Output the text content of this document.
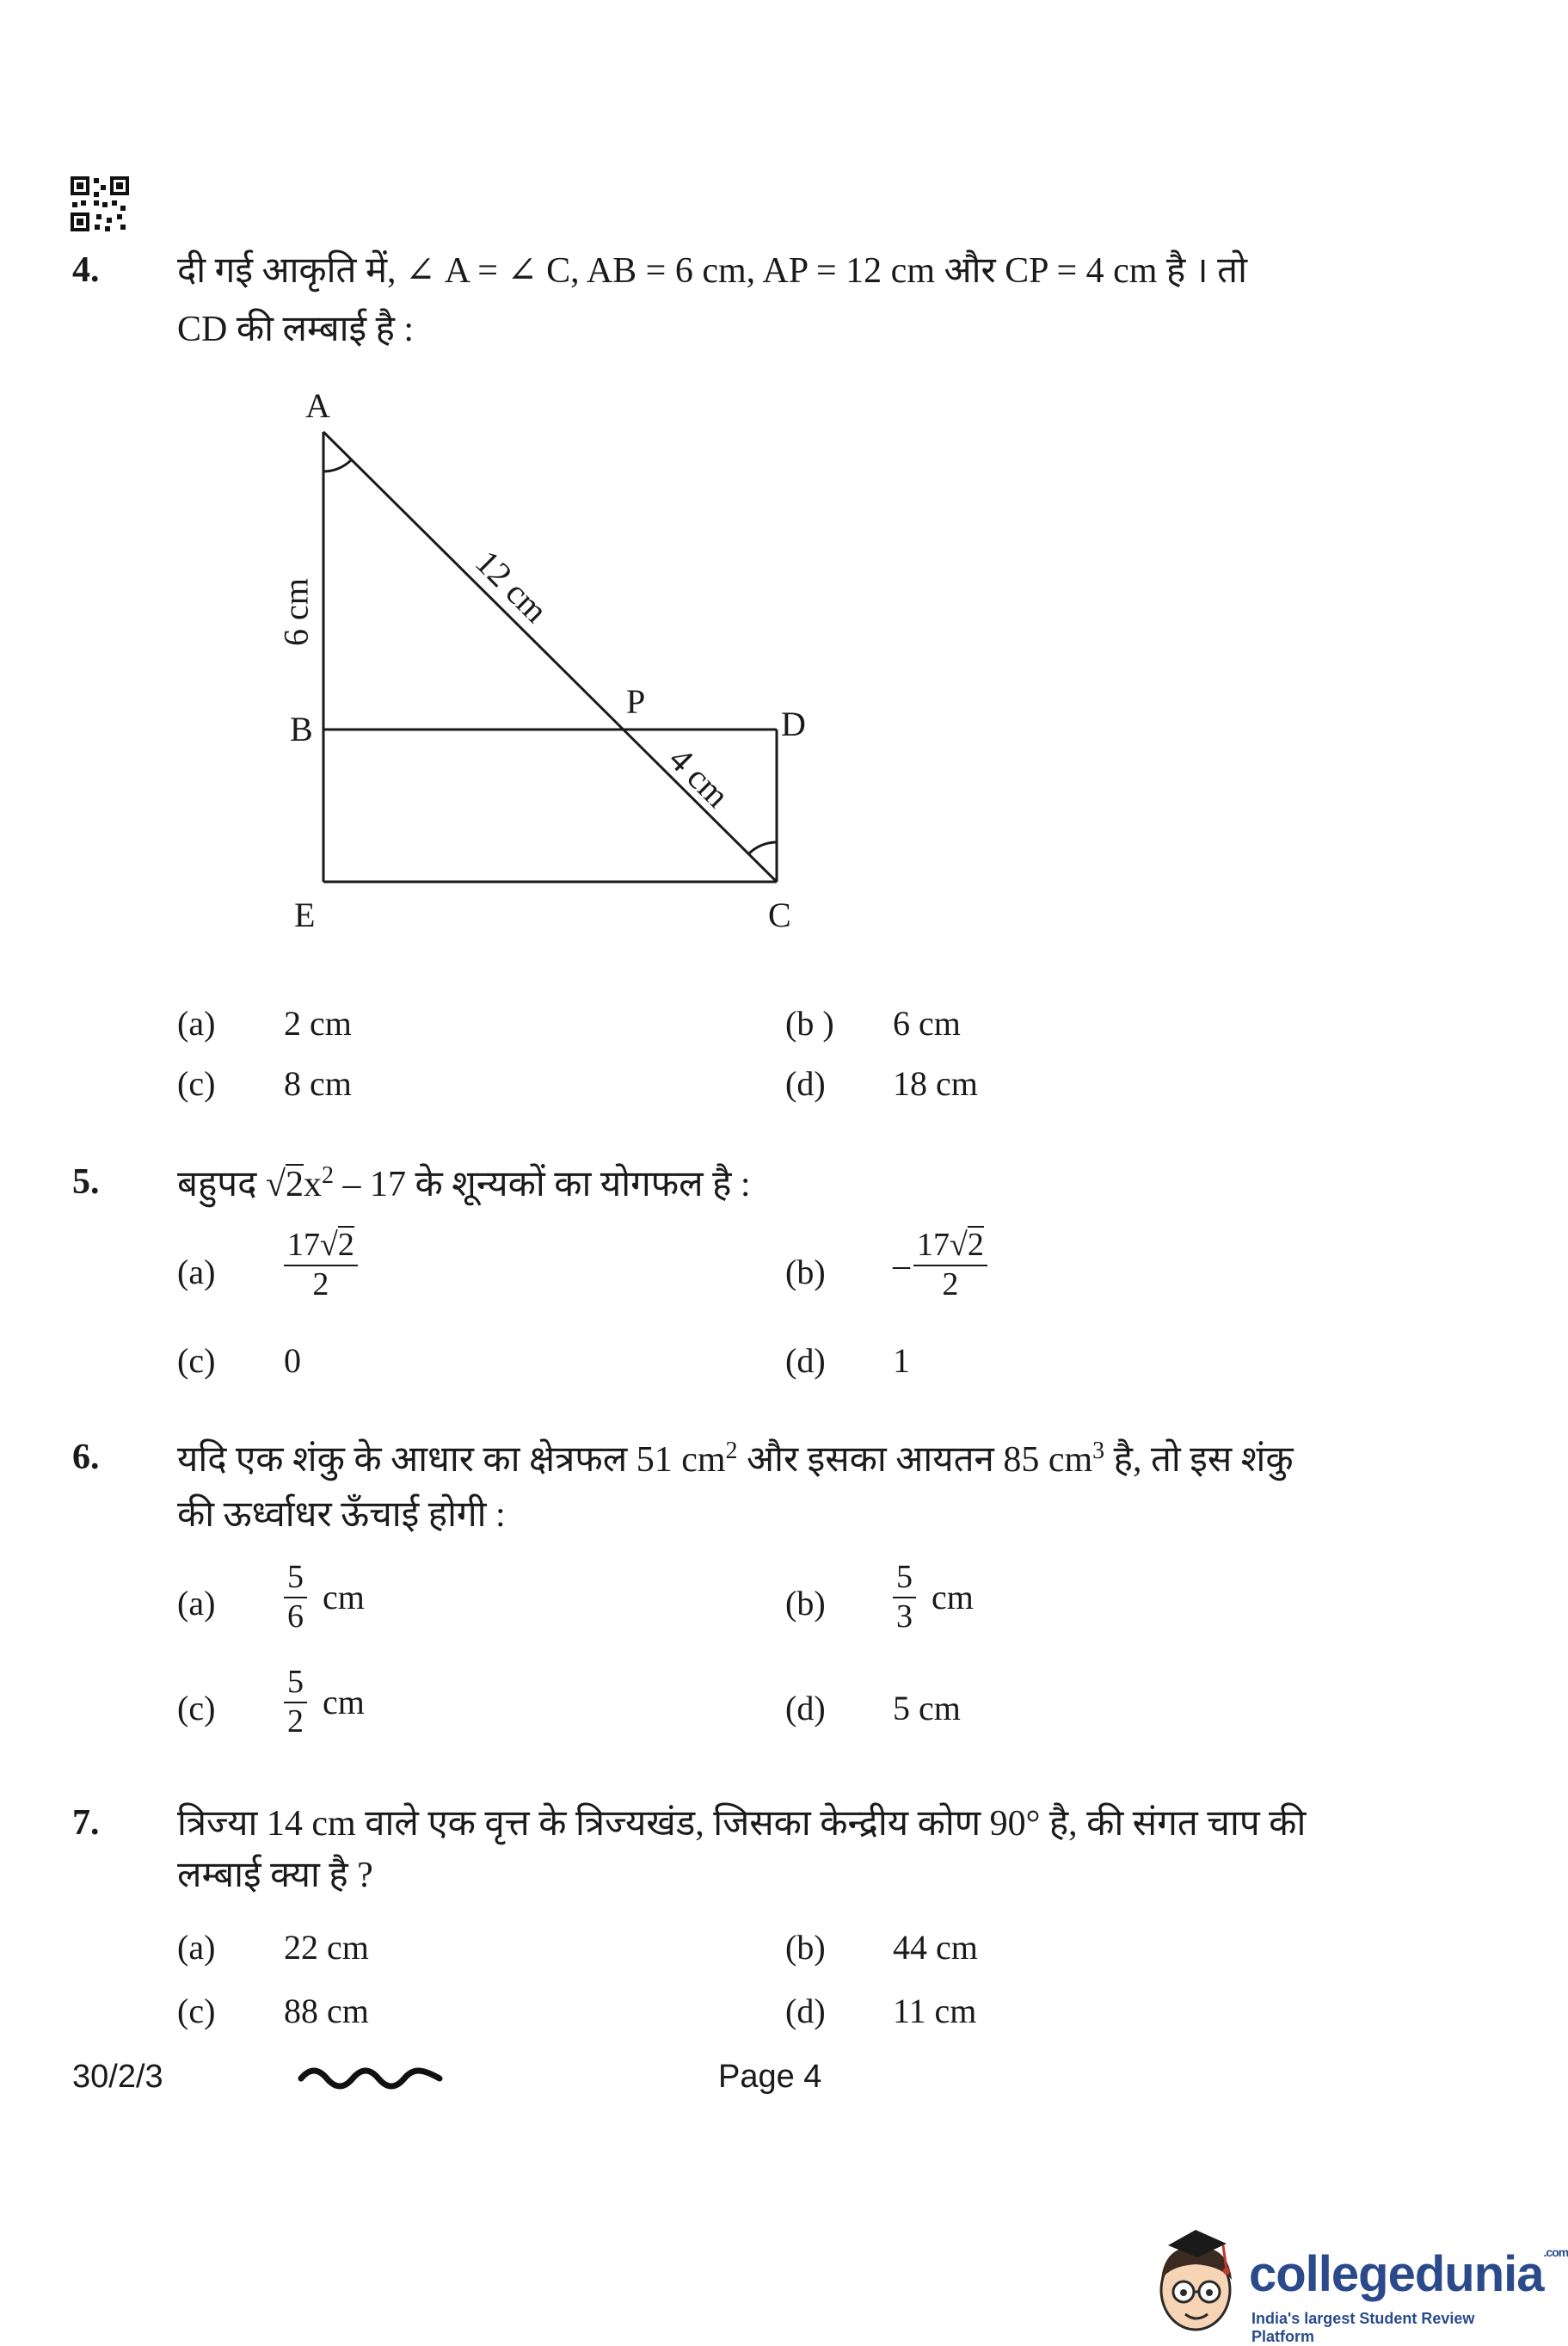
4. दी गई आकृति में, ∠ A = ∠ C, AB = 6 cm, AP = 12 cm और CP = 4 cm है । तो
CD की लम्बाई है :
A
B
E
P
D
C
6 cm	12 cm
4 cm
(a) 2 cm	(b ) 6 cm
(c) 8 cm	(d) 18 cm
5. बहुपद $√2x^2 - 17$ के शून्यकों का योगफल है :
$(a) \frac{17√2}{2}$	$(b) - \frac{17√2}{2}$
(c) 0	(d) 1
6. यदि एक शंकु के आधार का क्षेत्रफल 51 $cm^2$ और इसका आयतन 85 $cm^3$ है, तो इस शंकु
की ऊर्ध्वाधर ऊँचाई होगी :
$(a) \frac{5}{6}$ cm	$(b) \frac{5}{3}$ cm
$(c) \frac{5}{2}$ cm	(d) 5 cm
7. त्रिज्या 14 cm वाले एक वृत्त के त्रिज्यखंड, जिसका केन्द्रीय कोण 90° है, की संगत चाप की
लम्बाई क्या है ?
(a) 22 cm	(b) 44 cm
(c) 88 cm	(d) 11 cm
30/2/3	Page 4
collegedunia$^{.com}$
India's largest Student Review Platform
